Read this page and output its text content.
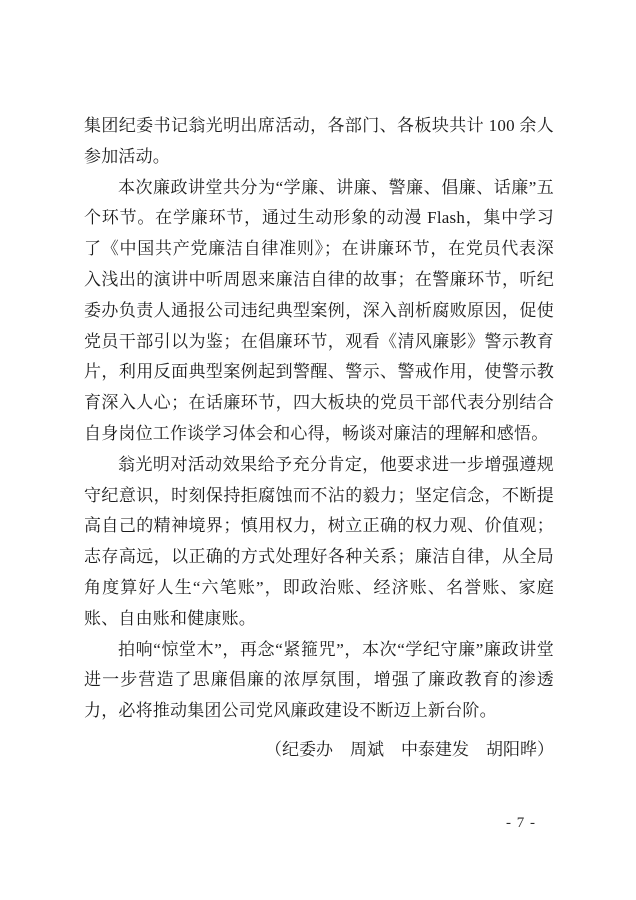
集团纪委书记翁光明出席活动，各部门、各板块共计 100 余人参加活动。

本次廉政讲堂共分为“学廉、讲廉、警廉、倡廉、话廉”五个环节。在学廉环节，通过生动形象的动漫 Flash，集中学习了《中国共产党廉洁自律准则》；在讲廉环节，在党员代表深入浅出的演讲中听周恩来廉洁自律的故事；在警廉环节，听纪委办负责人通报公司违纪典型案例，深入剖析腐败原因，促使党员干部引以为鉴；在倡廉环节，观看《清风廉影》警示教育片，利用反面典型案例起到警醒、警示、警戒作用，使警示教育深入人心；在话廉环节，四大板块的党员干部代表分别结合自身岗位工作谈学习体会和心得，畅谈对廉洁的理解和感悟。

翁光明对活动效果给予充分肯定，他要求进一步增强遵规守纪意识，时刻保持拒腐蚀而不沾的毅力；坚定信念，不断提高自己的精神境界；慎用权力，树立正确的权力观、价值观；志存高远，以正确的方式处理好各种关系；廉洁自律，从全局角度算好人生“六笔账”，即政治账、经济账、名誉账、家庭账、自由账和健康账。

拍响“惊堂木”，再念“紧箍咒”，本次“学纪守廉”廉政讲堂进一步营造了思廉倡廉的浓厚氛围，增强了廉政教育的渗透力，必将推动集团公司党风廉政建设不断迈上新台阶。

（纪委办　周斌　中泰建发　胡阳晔）

- 7 -
